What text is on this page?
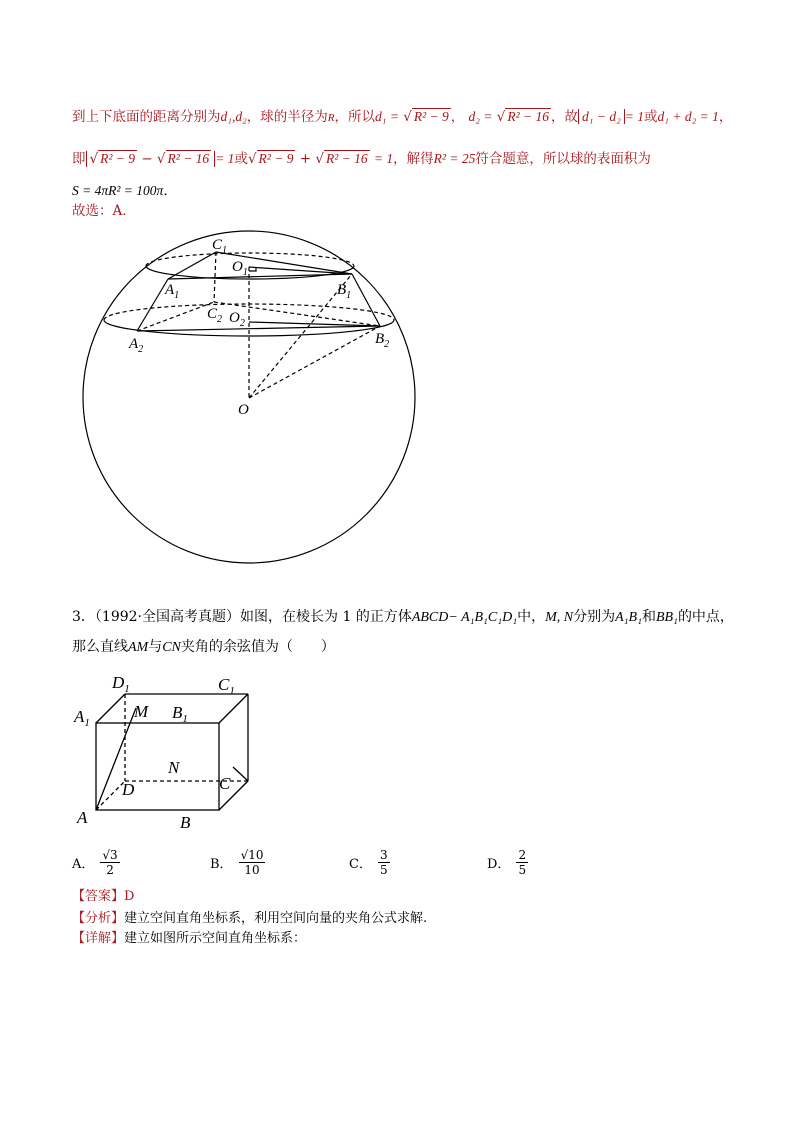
到上下底面的距离分别为d₁,d₂，球的半径为R，所以d₁ = √ R² − 9 ， d₂ = √ R² − 16 ，故 d₁ − d₂ = 1或d₁ + d₂ = 1，
即 √ R² − 9 − √ R² − 16 = 1或√ R² − 9 + √ R² − 16 = 1，解得R² = 25符合题意，所以球的表面积为
S = 4πR² = 100π．
故选：A．
$C_1$
$O_1$
$A_1$	$B_1$
$C_2$ $O_2$
$A_2$
$B_2$
O
3．（1992·全国高考真题）如图，在棱长为 1 的正方体ABCD− A₁B₁C₁D₁中，M, N分别为A₁B₁和BB₁的中点，
那么直线AM与CN夹角的余弦值为（　　）
$D_1$	$C_1$
$A_1$
M $B_1$
N
C
D
A	B
A． $\frac{√3}{2}$	B． $\frac{√10}{10}$	C． $\frac{3}{5}$	D． $\frac{2}{5}$
【答案】D
【分析】建立空间直角坐标系，利用空间向量的夹角公式求解.
【详解】建立如图所示空间直角坐标系：
